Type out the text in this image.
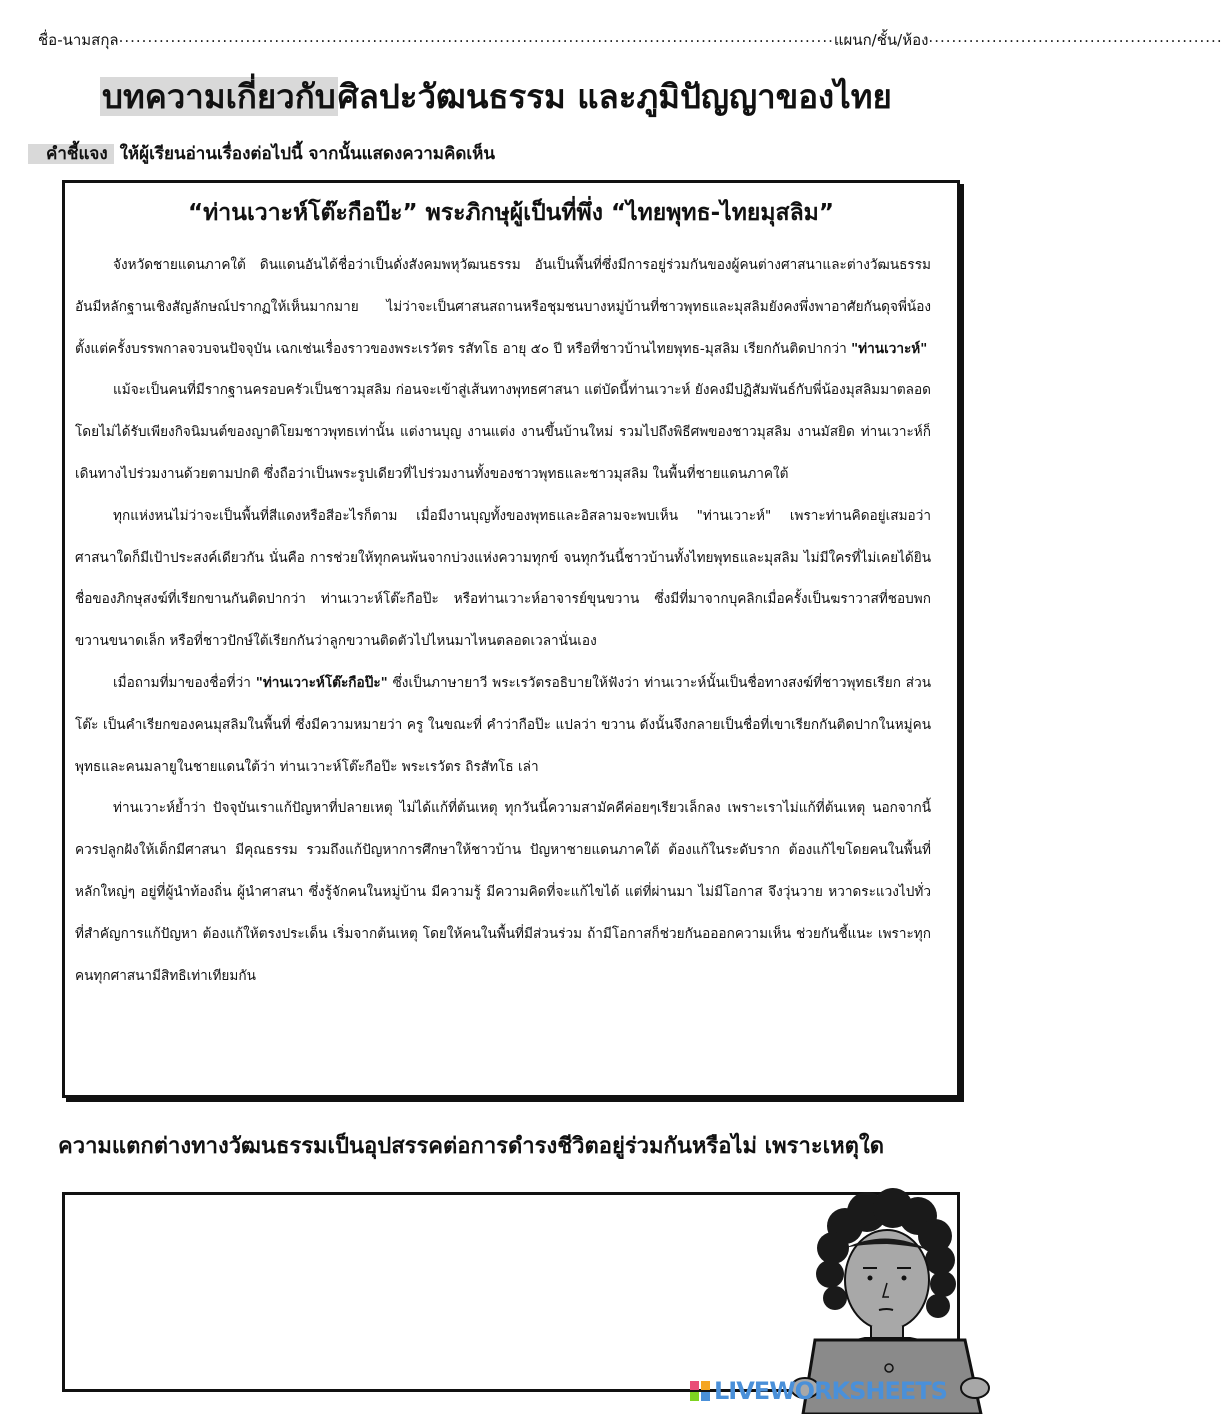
ชื่อ-นามสกุล ............................................................................................................................ แผนก/ชั้น/ห้อง ...................................................
บทความเกี่ยวกับศิลปะวัฒนธรรม และภูมิปัญญาของไทย
คำชี้แจง ให้ผู้เรียนอ่านเรื่องต่อไปนี้ จากนั้นแสดงความคิดเห็น
“ท่านเวาะห์โต๊ะกือป๊ะ” พระภิกษุผู้เป็นที่พึ่ง “ไทยพุทธ-ไทยมุสลิม”

จังหวัดชายแดนภาคใต้ ดินแดนอันได้ชื่อว่าเป็นดั่งสังคมพหุวัฒนธรรม อันเป็นพื้นที่ซึ่งมีการอยู่ร่วมกันของผู้คนต่างศาสนาและต่างวัฒนธรรม อันมีหลักฐานเชิงสัญลักษณ์ปรากฏให้เห็นมากมาย ไม่ว่าจะเป็นศาสนสถานหรือชุมชนบางหมู่บ้านที่ชาวพุทธและมุสลิมยังคงพึ่งพาอาศัยกันดุจพี่น้อง ตั้งแต่ครั้งบรรพกาลจวบจนปัจจุบัน เฉกเช่นเรื่องราวของพระเรวัตร รสัทโธ อายุ ๕๐ ปี หรือที่ชาวบ้านไทยพุทธ-มุสลิม เรียกกันติดปากว่า "ท่านเวาะห์"

แม้จะเป็นคนที่มีรากฐานครอบครัวเป็นชาวมุสลิม ก่อนจะเข้าสู่เส้นทางพุทธศาสนา แต่บัดนี้ท่านเวาะห์ ยังคงมีปฏิสัมพันธ์กับพี่น้องมุสลิมมาตลอด โดยไม่ได้รับเพียงกิจนิมนต์ของญาติโยมชาวพุทธเท่านั้น แต่งานบุญ งานแต่ง งานขึ้นบ้านใหม่ รวมไปถึงพิธีศพของชาวมุสลิม งานมัสยิด ท่านเวาะห์ก็เดินทางไปร่วมงานด้วยตามปกติ ซึ่งถือว่าเป็นพระรูปเดียวที่ไปร่วมงานทั้งของชาวพุทธและชาวมุสลิม ในพื้นที่ชายแดนภาคใต้

ทุกแห่งหนไม่ว่าจะเป็นพื้นที่สีแดงหรือสีอะไรก็ตาม เมื่อมีงานบุญทั้งของพุทธและอิสลามจะพบเห็น "ท่านเวาะห์" เพราะท่านคิดอยู่เสมอว่า ศาสนาใดก็มีเป้าประสงค์เดียวกัน นั่นคือ การช่วยให้ทุกคนพ้นจากบ่วงแห่งความทุกข์ จนทุกวันนี้ชาวบ้านทั้งไทยพุทธและมุสลิม ไม่มีใครที่ไม่เคยได้ยินชื่อของภิกษุสงฆ์ที่เรียกขานกันติดปากว่า ท่านเวาะห์โต๊ะกือป๊ะ หรือท่านเวาะห์อาจารย์ขุนขวาน ซึ่งมีที่มาจากบุคลิกเมื่อครั้งเป็นฆราวาสที่ชอบพกขวานขนาดเล็ก หรือที่ชาวปักษ์ใต้เรียกกันว่าลูกขวานติดตัวไปไหนมาไหนตลอดเวลานั่นเอง

เมื่อถามที่มาของชื่อที่ว่า "ท่านเวาะห์โต๊ะกือป๊ะ" ซึ่งเป็นภาษายาวี พระเรวัตรอธิบายให้ฟังว่า ท่านเวาะห์นั้นเป็นชื่อทางสงฆ์ที่ชาวพุทธเรียก ส่วนโต๊ะ เป็นคำเรียกของคนมุสลิมในพื้นที่ ซึ่งมีความหมายว่า ครู ในขณะที่ คำว่ากือป๊ะ แปลว่า ขวาน ดังนั้นจึงกลายเป็นชื่อที่เขาเรียกกันติดปากในหมู่คนพุทธและคนมลายูในชายแดนใต้ว่า ท่านเวาะห์โต๊ะกือป๊ะ พระเรวัตร ถิรสัทโธ เล่า

ท่านเวาะห์ย้ำว่า ปัจจุบันเราแก้ปัญหาที่ปลายเหตุ ไม่ได้แก้ที่ต้นเหตุ ทุกวันนี้ความสามัคคีค่อยๆเรียวเล็กลง เพราะเราไม่แก้ที่ต้นเหตุ นอกจากนี้ควรปลูกฝังให้เด็กมีศาสนา มีคุณธรรม รวมถึงแก้ปัญหาการศึกษาให้ชาวบ้าน ปัญหาชายแดนภาคใต้ ต้องแก้ในระดับราก ต้องแก้ไขโดยคนในพื้นที่ หลักใหญ่ๆ อยู่ที่ผู้นำท้องถิ่น ผู้นำศาสนา ซึ่งรู้จักคนในหมู่บ้าน มีความรู้ มีความคิดที่จะแก้ไขได้ แต่ที่ผ่านมา ไม่มีโอกาส จึงวุ่นวาย หวาดระแวงไปทั่ว ที่สำคัญการแก้ปัญหา ต้องแก้ให้ตรงประเด็น เริ่มจากต้นเหตุ โดยให้คนในพื้นที่มีส่วนร่วม ถ้ามีโอกาสก็ช่วยกันอออกความเห็น ช่วยกันชี้แนะ เพราะทุกคนทุกศาสนามีสิทธิเท่าเทียมกัน

ความแตกต่างทางวัฒนธรรมเป็นอุปสรรคต่อการดำรงชีวิตอยู่ร่วมกันหรือไม่ เพราะเหตุใด
LIVEWORKSHEETS
